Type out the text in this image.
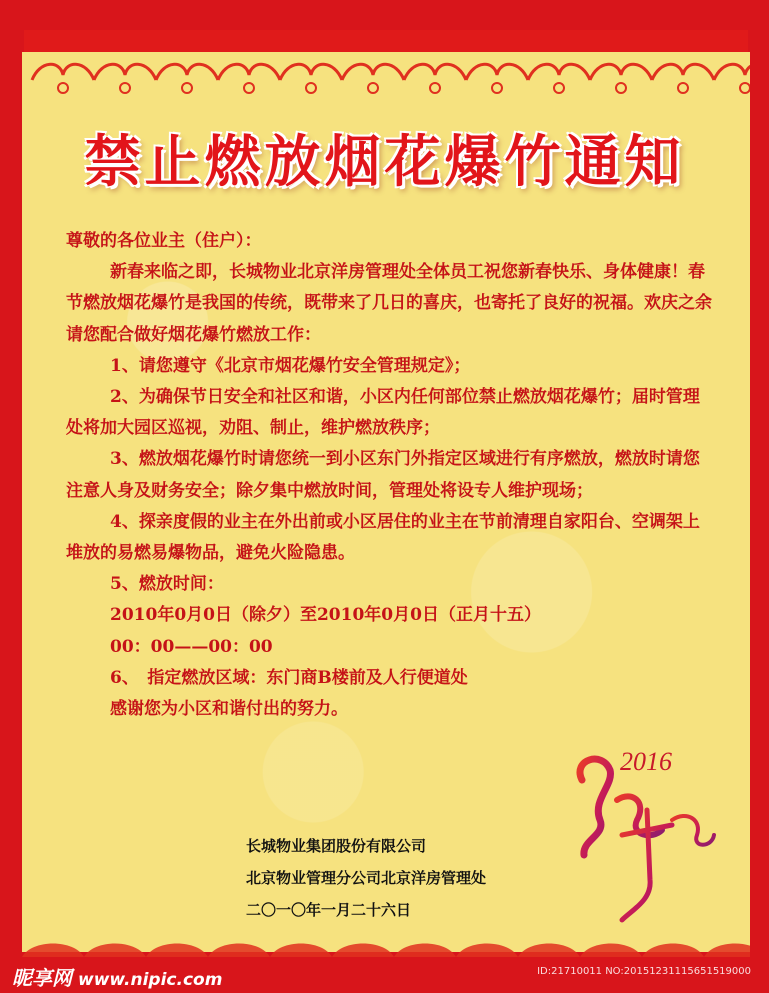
禁止燃放烟花爆竹通知

尊敬的各位业主（住户）：

新春来临之即，长城物业北京洋房管理处全体员工祝您新春快乐、身体健康！春节燃放烟花爆竹是我国的传统，既带来了几日的喜庆，也寄托了良好的祝福。欢庆之余请您配合做好烟花爆竹燃放工作：

1、请您遵守《北京市烟花爆竹安全管理规定》；

2、为确保节日安全和社区和谐，小区内任何部位禁止燃放烟花爆竹；届时管理处将加大园区巡视，劝阻、制止，维护燃放秩序；

3、燃放烟花爆竹时请您统一到小区东门外指定区域进行有序燃放，燃放时请您注意人身及财务安全；除夕集中燃放时间，管理处将设专人维护现场；

4、探亲度假的业主在外出前或小区居住的业主在节前清理自家阳台、空调架上堆放的易燃易爆物品，避免火险隐患。

5、燃放时间：

2010年0月0日（除夕）至2010年0月0日（正月十五）

00：00——00：00

6、　指定燃放区域：东门商B楼前及人行便道处

感谢您为小区和谐付出的努力。

长城物业集团股份有限公司
北京物业管理分公司北京洋房管理处
二〇一〇年一月二十六日
2016
昵享网 www.nipic.com	ID:21710011 NO:20151231115651519000
